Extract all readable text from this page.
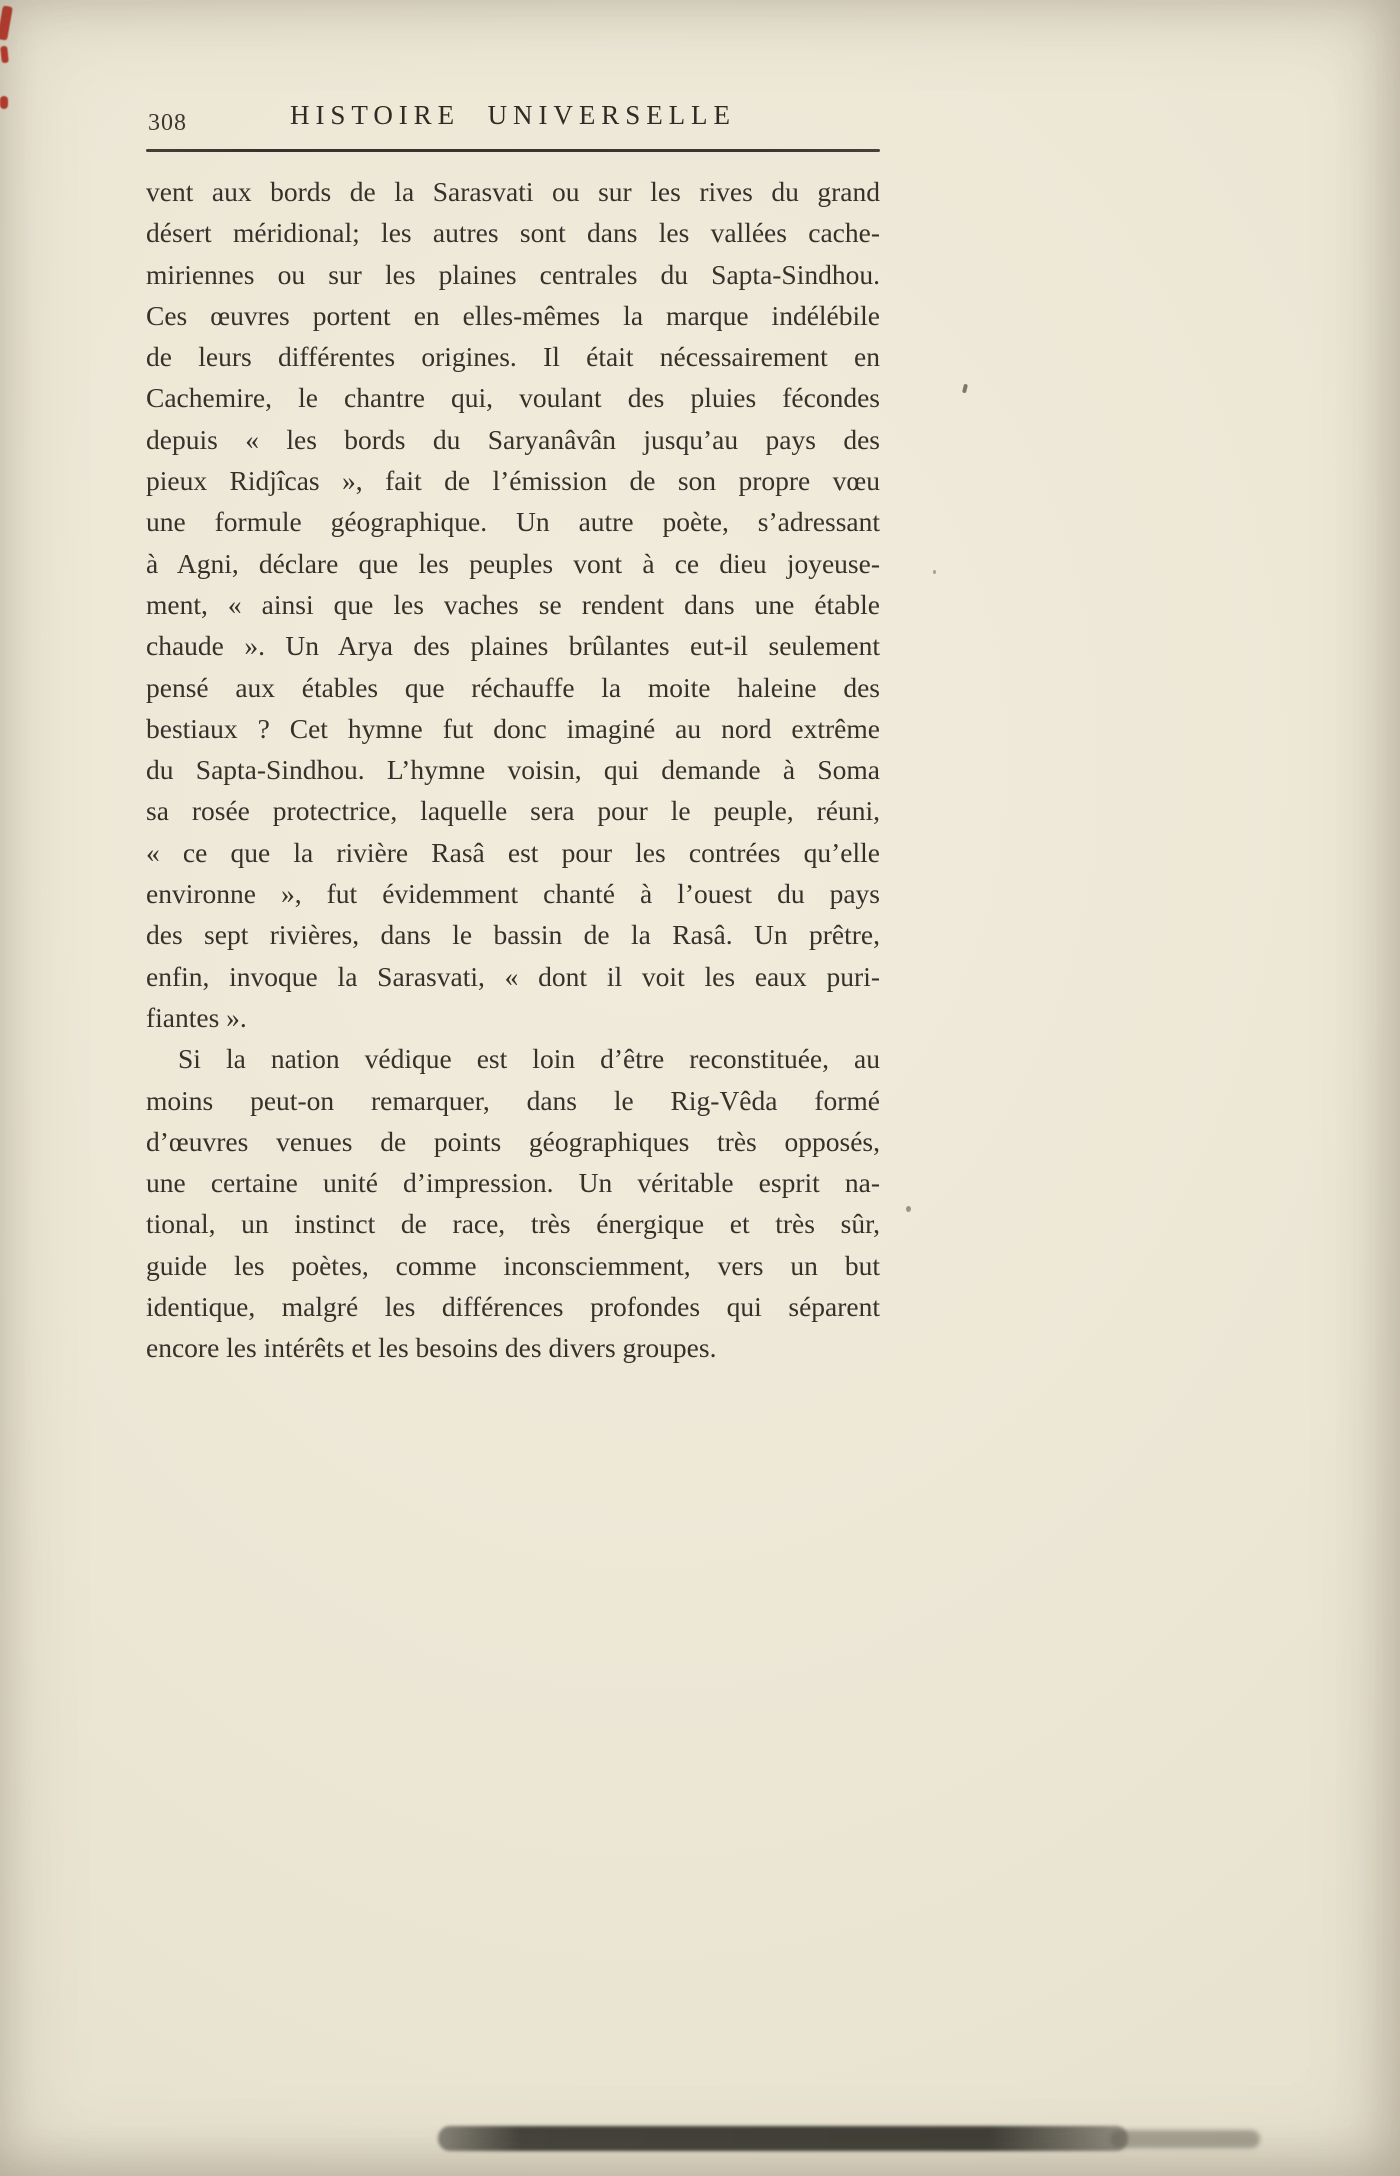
308	HISTOIRE UNIVERSELLE
vent aux bords de la Sarasvati ou sur les rives du grand
désert méridional; les autres sont dans les vallées cache-
miriennes ou sur les plaines centrales du Sapta-Sindhou.
Ces œuvres portent en elles-mêmes la marque indélébile
de leurs différentes origines. Il était nécessairement en
Cachemire, le chantre qui, voulant des pluies fécondes
depuis « les bords du Saryanâvân jusqu’au pays des
pieux Ridjîcas », fait de l’émission de son propre vœu
une formule géographique. Un autre poète, s’adressant
à Agni, déclare que les peuples vont à ce dieu joyeuse-
ment, « ainsi que les vaches se rendent dans une étable
chaude ». Un Arya des plaines brûlantes eut-il seulement
pensé aux étables que réchauffe la moite haleine des
bestiaux ? Cet hymne fut donc imaginé au nord extrême
du Sapta-Sindhou. L’hymne voisin, qui demande à Soma
sa rosée protectrice, laquelle sera pour le peuple, réuni,
« ce que la rivière Rasâ est pour les contrées qu’elle
environne », fut évidemment chanté à l’ouest du pays
des sept rivières, dans le bassin de la Rasâ. Un prêtre,
enfin, invoque la Sarasvati, « dont il voit les eaux puri-
fiantes ».
Si la nation védique est loin d’être reconstituée, au
moins peut-on remarquer, dans le Rig-Vêda formé
d’œuvres venues de points géographiques très opposés,
une certaine unité d’impression. Un véritable esprit na-
tional, un instinct de race, très énergique et très sûr,
guide les poètes, comme inconsciemment, vers un but
identique, malgré les différences profondes qui séparent
encore les intérêts et les besoins des divers groupes.
